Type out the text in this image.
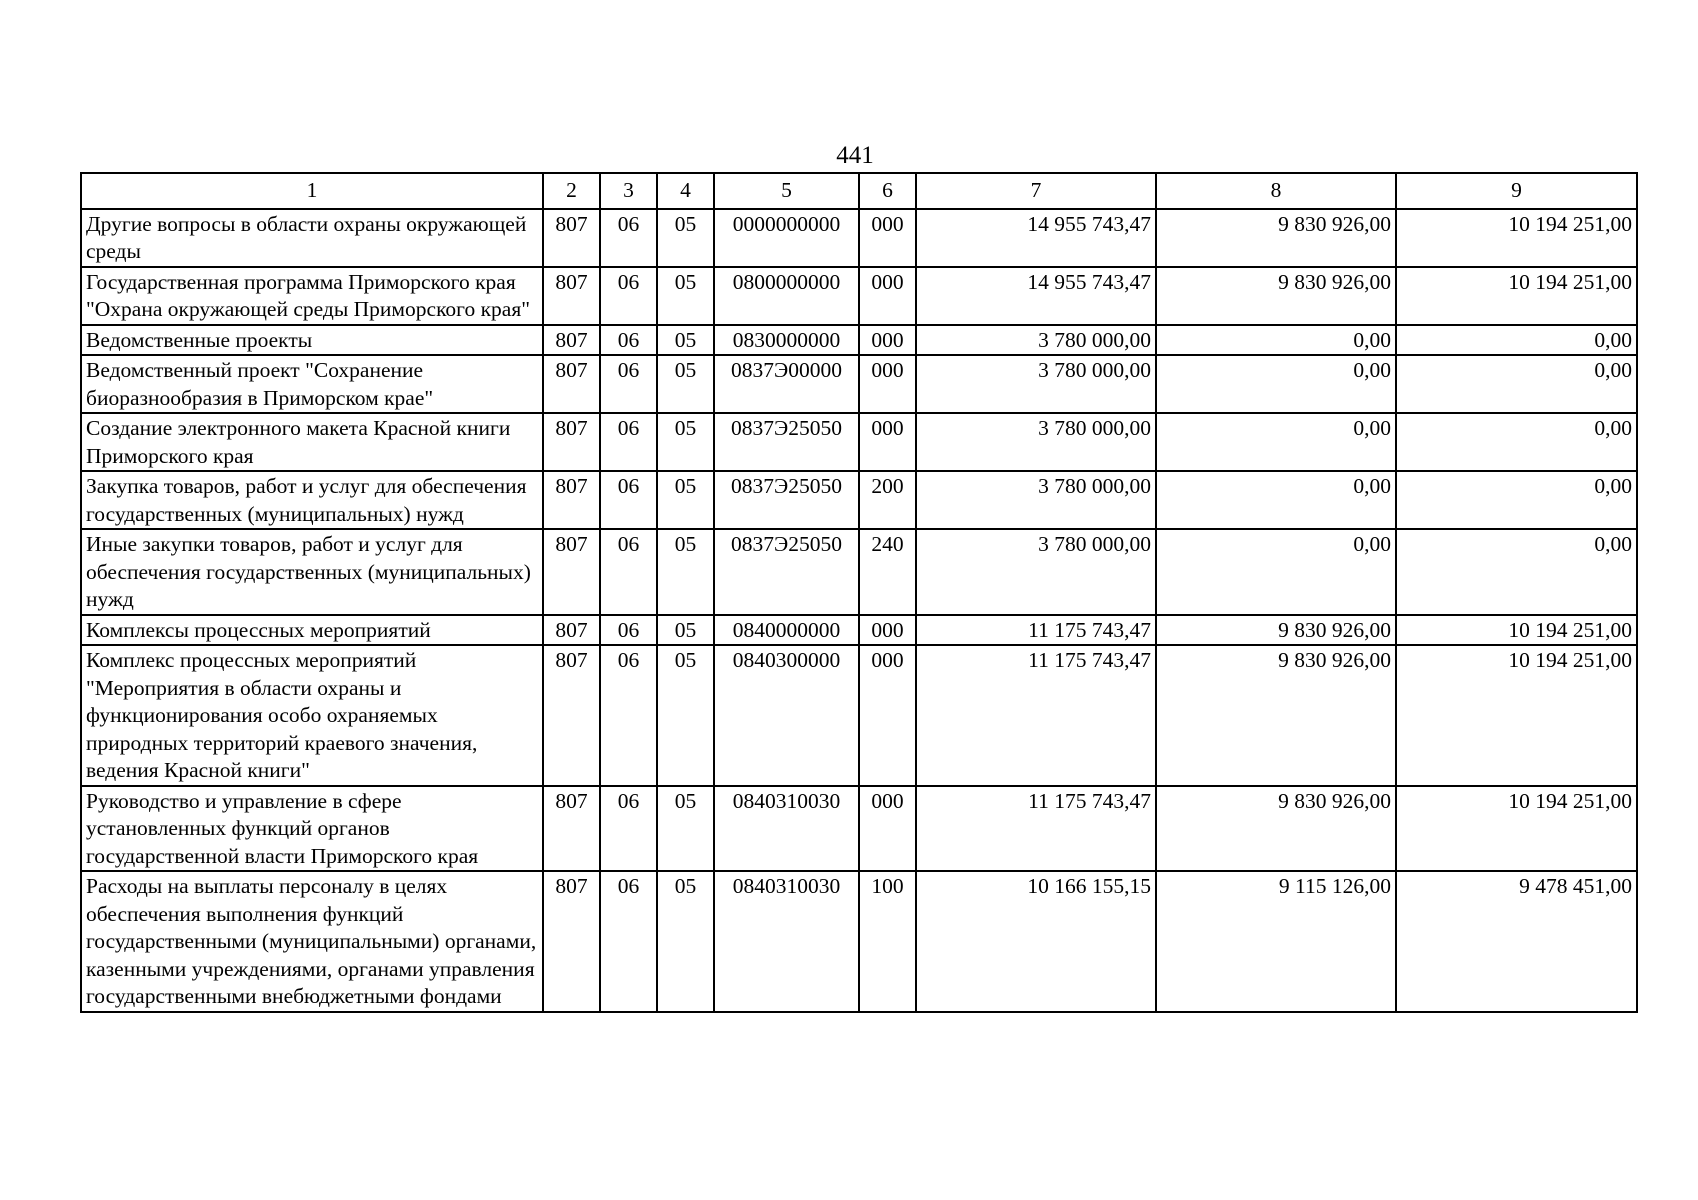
441
1	2	3	4	5	6	7	8	9
Другие вопросы в области охраны окружающей среды	807	06	05	0000000000	000	14 955 743,47	9 830 926,00	10 194 251,00
Государственная программа Приморского края "Охрана окружающей среды Приморского края"	807	06	05	0800000000	000	14 955 743,47	9 830 926,00	10 194 251,00
Ведомственные проекты	807	06	05	0830000000	000	3 780 000,00	0,00	0,00
Ведомственный проект "Сохранение биоразнообразия в Приморском крае"	807	06	05	0837Э00000	000	3 780 000,00	0,00	0,00
Создание электронного макета Красной книги Приморского края	807	06	05	0837Э25050	000	3 780 000,00	0,00	0,00
Закупка товаров, работ и услуг для обеспечения государственных (муниципальных) нужд	807	06	05	0837Э25050	200	3 780 000,00	0,00	0,00
Иные закупки товаров, работ и услуг для обеспечения государственных (муниципальных) нужд	807	06	05	0837Э25050	240	3 780 000,00	0,00	0,00
Комплексы процессных мероприятий	807	06	05	0840000000	000	11 175 743,47	9 830 926,00	10 194 251,00
Комплекс процессных мероприятий "Мероприятия в области охраны и функционирования особо охраняемых природных территорий краевого значения, ведения Красной книги"	807	06	05	0840300000	000	11 175 743,47	9 830 926,00	10 194 251,00
Руководство и управление в сфере установленных функций органов государственной власти Приморского края	807	06	05	0840310030	000	11 175 743,47	9 830 926,00	10 194 251,00
Расходы на выплаты персоналу в целях обеспечения выполнения функций государственными (муниципальными) органами, казенными учреждениями, органами управления государственными внебюджетными фондами	807	06	05	0840310030	100	10 166 155,15	9 115 126,00	9 478 451,00
